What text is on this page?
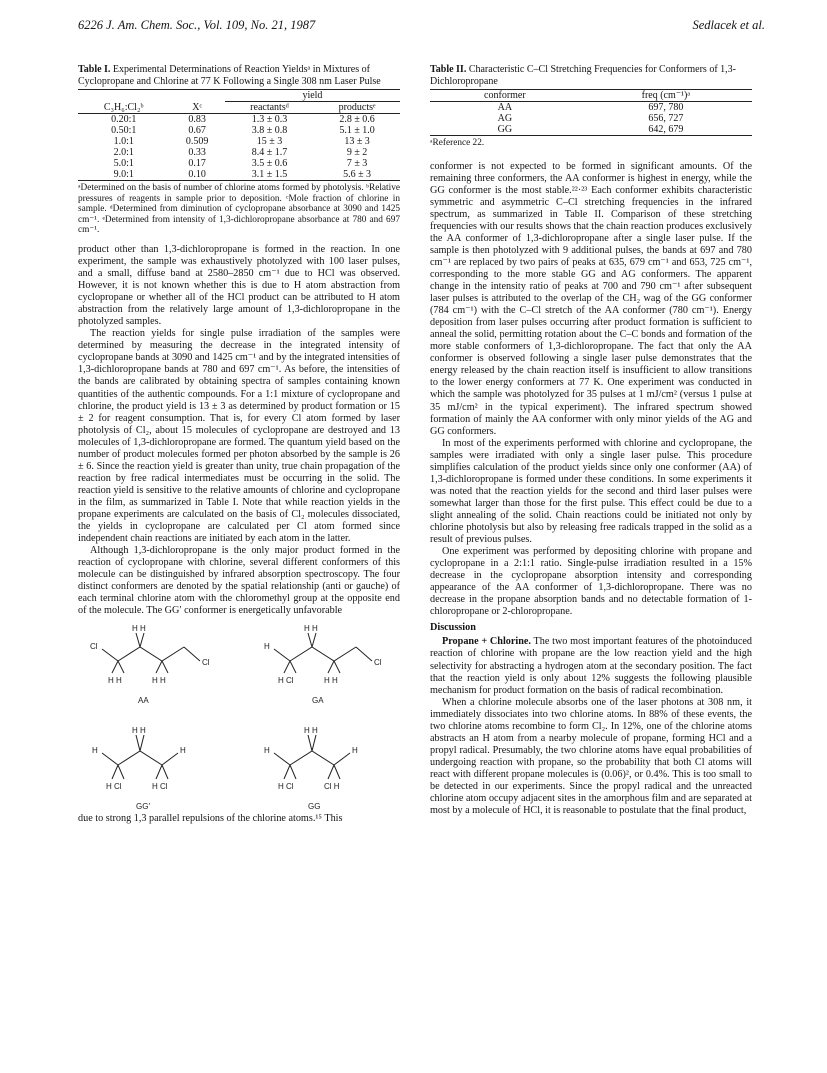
6226 J. Am. Chem. Soc., Vol. 109, No. 21, 1987	Sedlacek et al.
Table I. Experimental Determinations of Reaction Yieldsᵃ in Mixtures of Cyclopropane and Chlorine at 77 K Following a Single 308 nm Laser Pulse
		yield	
C₃H₆:Cl₂ᵇ	Xᶜ	reactantsᵈ	productsᵉ
0.20:1	0.83	1.3 ± 0.3	2.8 ± 0.6
0.50:1	0.67	3.8 ± 0.8	5.1 ± 1.0
1.0:1	0.509	15 ± 3	13 ± 3
2.0:1	0.33	8.4 ± 1.7	9 ± 2
5.0:1	0.17	3.5 ± 0.6	7 ± 3
9.0:1	0.10	3.1 ± 1.5	5.6 ± 3
ᵃDetermined on the basis of number of chlorine atoms formed by photolysis. ᵇRelative pressures of reagents in sample prior to deposition. ᶜMole fraction of chlorine in sample. ᵈDetermined from diminution of cyclopropane absorbance at 3090 and 1425 cm⁻¹. ᵉDetermined from intensity of 1,3-dichloropropane absorbance at 780 and 697 cm⁻¹.

product other than 1,3-dichloropropane is formed in the reaction. In one experiment, the sample was exhaustively photolyzed with 100 laser pulses, and a small, diffuse band at 2580–2850 cm⁻¹ due to HCl was observed. However, it is not known whether this is due to H atom abstraction from cyclopropane or whether all of the HCl product can be attributed to H atom abstraction from the relatively large amount of 1,3-dichloropropane in the photolyzed samples.

The reaction yields for single pulse irradiation of the samples were determined by measuring the decrease in the integrated intensity of cyclopropane bands at 3090 and 1425 cm⁻¹ and by the integrated intensities of 1,3-dichloropropane bands at 780 and 697 cm⁻¹. As before, the intensities of the bands are calibrated by obtaining spectra of samples containing known quantities of the authentic compounds. For a 1:1 mixture of cyclopropane and chlorine, the product yield is 13 ± 3 as determined by product formation or 15 ± 2 for reagent consumption. That is, for every Cl atom formed by laser photolysis of Cl₂, about 15 molecules of cyclopropane are destroyed and 13 molecules of 1,3-dichloropropane are formed. The quantum yield based on the number of product molecules formed per photon absorbed by the sample is 26 ± 6. Since the reaction yield is greater than unity, true chain propagation of the reaction by free radical intermediates must be occurring in the solid. The reaction yield is sensitive to the relative amounts of chlorine and cyclopropane in the film, as summarized in Table I. Note that while reaction yields in the propane experiments are calculated on the basis of Cl₂ molecules dissociated, the yields in cyclopropane are calculated per Cl atom formed since independent chain reactions are initiated by each atom in the latter.

Although 1,3-dichloropropane is the only major product formed in the reaction of cyclopropane with chlorine, several different conformers of this molecule can be distinguished by infrared absorption spectroscopy. The four distinct conformers are denoted by the spatial relationship (anti or gauche) of each terminal chlorine atom with the chloromethyl group at the opposite end of the molecule. The GG′ conformer is energetically unfavorable

H H
Cl
Cl
H H	H H
AA
H H
H
Cl
H Cl	H H
GA
H H
H	H
H Cl	H Cl
GG′
H H
H	H
H Cl	Cl H
GG

due to strong 1,3 parallel repulsions of the chlorine atoms.¹⁵ This

Table II. Characteristic C–Cl Stretching Frequencies for Conformers of 1,3-Dichloropropane
conformer	freq (cm⁻¹)ᵃ
AA	697, 780
AG	656, 727
GG	642, 679
ᵃReference 22.

conformer is not expected to be formed in significant amounts. Of the remaining three conformers, the AA conformer is highest in energy, while the GG conformer is the most stable.²²·²³ Each conformer exhibits characteristic symmetric and asymmetric C–Cl stretching frequencies in the infrared spectrum, as summarized in Table II. Comparison of these stretching frequencies with our results shows that the chain reaction produces exclusively the AA conformer of 1,3-dichloropropane after a single laser pulse. If the sample is then photolyzed with 9 additional pulses, the bands at 697 and 780 cm⁻¹ are replaced by two pairs of peaks at 635, 679 cm⁻¹ and 653, 725 cm⁻¹, corresponding to the more stable GG and AG conformers. The apparent change in the intensity ratio of peaks at 700 and 790 cm⁻¹ after subsequent laser pulses is attributed to the overlap of the CH₂ wag of the GG conformer (784 cm⁻¹) with the C–Cl stretch of the AA conformer (780 cm⁻¹). Energy deposition from laser pulses occurring after product formation is sufficient to anneal the solid, permitting rotation about the C–C bonds and formation of the more stable conformers of 1,3-dichloropropane. The fact that only the AA conformer is observed following a single laser pulse demonstrates that the energy released by the chain reaction itself is insufficient to allow transitions to the lower energy conformers at 77 K. One experiment was conducted in which the sample was photolyzed for 35 pulses at 1 mJ/cm² (versus 1 pulse at 35 mJ/cm² in the typical experiment). The infrared spectrum showed formation of mainly the AA conformer with only minor yields of the AG and GG conformers.

In most of the experiments performed with chlorine and cyclopropane, the samples were irradiated with only a single laser pulse. This procedure simplifies calculation of the product yields since only one conformer (AA) of 1,3-dichloropropane is formed under these conditions. In some experiments it was noted that the reaction yields for the second and third laser pulses were somewhat larger than those for the first pulse. This effect could be due to a slight annealing of the solid. Chain reactions could be initiated not only by chlorine photolysis but also by releasing free radicals trapped in the solid as a result of previous pulses.

One experiment was performed by depositing chlorine with propane and cyclopropane in a 2:1:1 ratio. Single-pulse irradiation resulted in a 15% decrease in the cyclopropane absorption intensity and corresponding appearance of the AA conformer of 1,3-dichloropropane. There was no decrease in the propane absorption bands and no detectable formation of 1-chloropropane or 2-chloropropane.

Discussion

Propane + Chlorine. The two most important features of the photoinduced reaction of chlorine with propane are the low reaction yield and the high selectivity for abstracting a hydrogen atom at the secondary position. The fact that the reaction yield is only about 12% suggests the following plausible mechanism for product formation on the basis of radical recombination.

When a chlorine molecule absorbs one of the laser photons at 308 nm, it immediately dissociates into two chlorine atoms. In 88% of these events, the two chlorine atoms recombine to form Cl₂. In 12%, one of the chlorine atoms abstracts an H atom from a nearby molecule of propane, forming HCl and a propyl radical. Presumably, the two chlorine atoms have equal probabilities of undergoing reaction with propane, so the probability that both Cl atoms will react with different propane molecules is (0.06)², or 0.4%. This is too small to be detected in our experiments. Since the propyl radical and the unreacted chlorine atom occupy adjacent sites in the amorphous film and are separated at most by a molecule of HCl, it is reasonable to postulate that the final product,
